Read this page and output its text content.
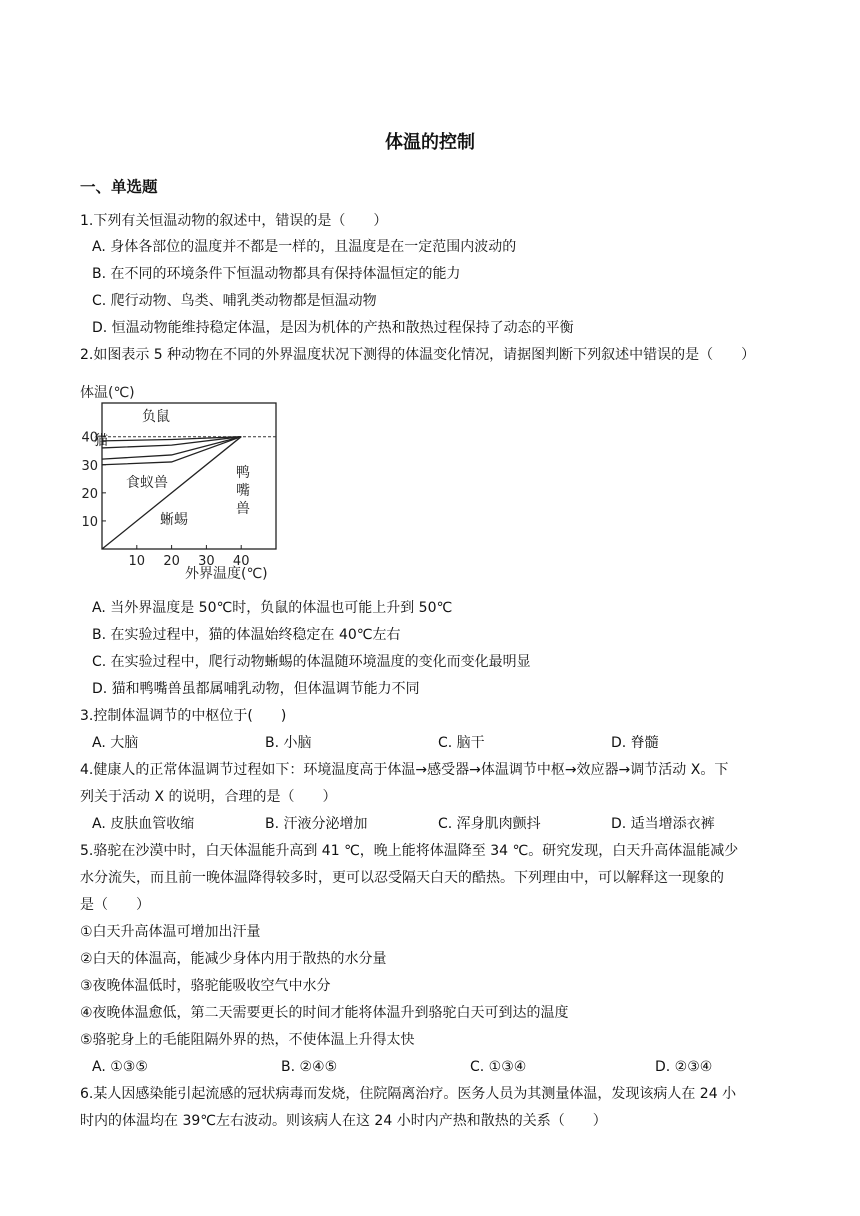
体温的控制
一、单选题
1.下列有关恒温动物的叙述中，错误的是（　　）
A. 身体各部位的温度并不都是一样的，且温度是在一定范围内波动的
B. 在不同的环境条件下恒温动物都具有保持体温恒定的能力
C. 爬行动物、鸟类、哺乳类动物都是恒温动物
D. 恒温动物能维持稳定体温，是因为机体的产热和散热过程保持了动态的平衡
2.如图表示 5 种动物在不同的外界温度状况下测得的体温变化情况，请据图判断下列叙述中错误的是（　　）
10
20
30
40
10 20 30 40
负鼠
猫
食蚁兽
蜥蜴
鸭嘴兽
体温(℃)
外界温度(℃)
A. 当外界温度是 50℃时，负鼠的体温也可能上升到 50℃
B. 在实验过程中，猫的体温始终稳定在 40℃左右
C. 在实验过程中，爬行动物蜥蜴的体温随环境温度的变化而变化最明显
D. 猫和鸭嘴兽虽都属哺乳动物，但体温调节能力不同
3.控制体温调节的中枢位于(　　)
A. 大脑	B. 小脑	C. 脑干	D. 脊髓
4.健康人的正常体温调节过程如下：环境温度高于体温→感受器→体温调节中枢→效应器→调节活动 X。下
列关于活动 X 的说明，合理的是（　　）
A. 皮肤血管收缩	B. 汗液分泌增加	C. 浑身肌肉颤抖	D. 适当增添衣裤
5.骆驼在沙漠中时，白天体温能升高到 41 ℃，晚上能将体温降至 34 ℃。研究发现，白天升高体温能减少
水分流失，而且前一晚体温降得较多时，更可以忍受隔天白天的酷热。下列理由中，可以解释这一现象的
是（　　）
①白天升高体温可增加出汗量
②白天的体温高，能减少身体内用于散热的水分量
③夜晚体温低时，骆驼能吸收空气中水分
④夜晚体温愈低，第二天需要更长的时间才能将体温升到骆驼白天可到达的温度
⑤骆驼身上的毛能阻隔外界的热，不使体温上升得太快
A. ①③⑤	B. ②④⑤	C. ①③④	D. ②③④
6.某人因感染能引起流感的冠状病毒而发烧，住院隔离治疗。医务人员为其测量体温，发现该病人在 24 小
时内的体温均在 39℃左右波动。则该病人在这 24 小时内产热和散热的关系（　　）
